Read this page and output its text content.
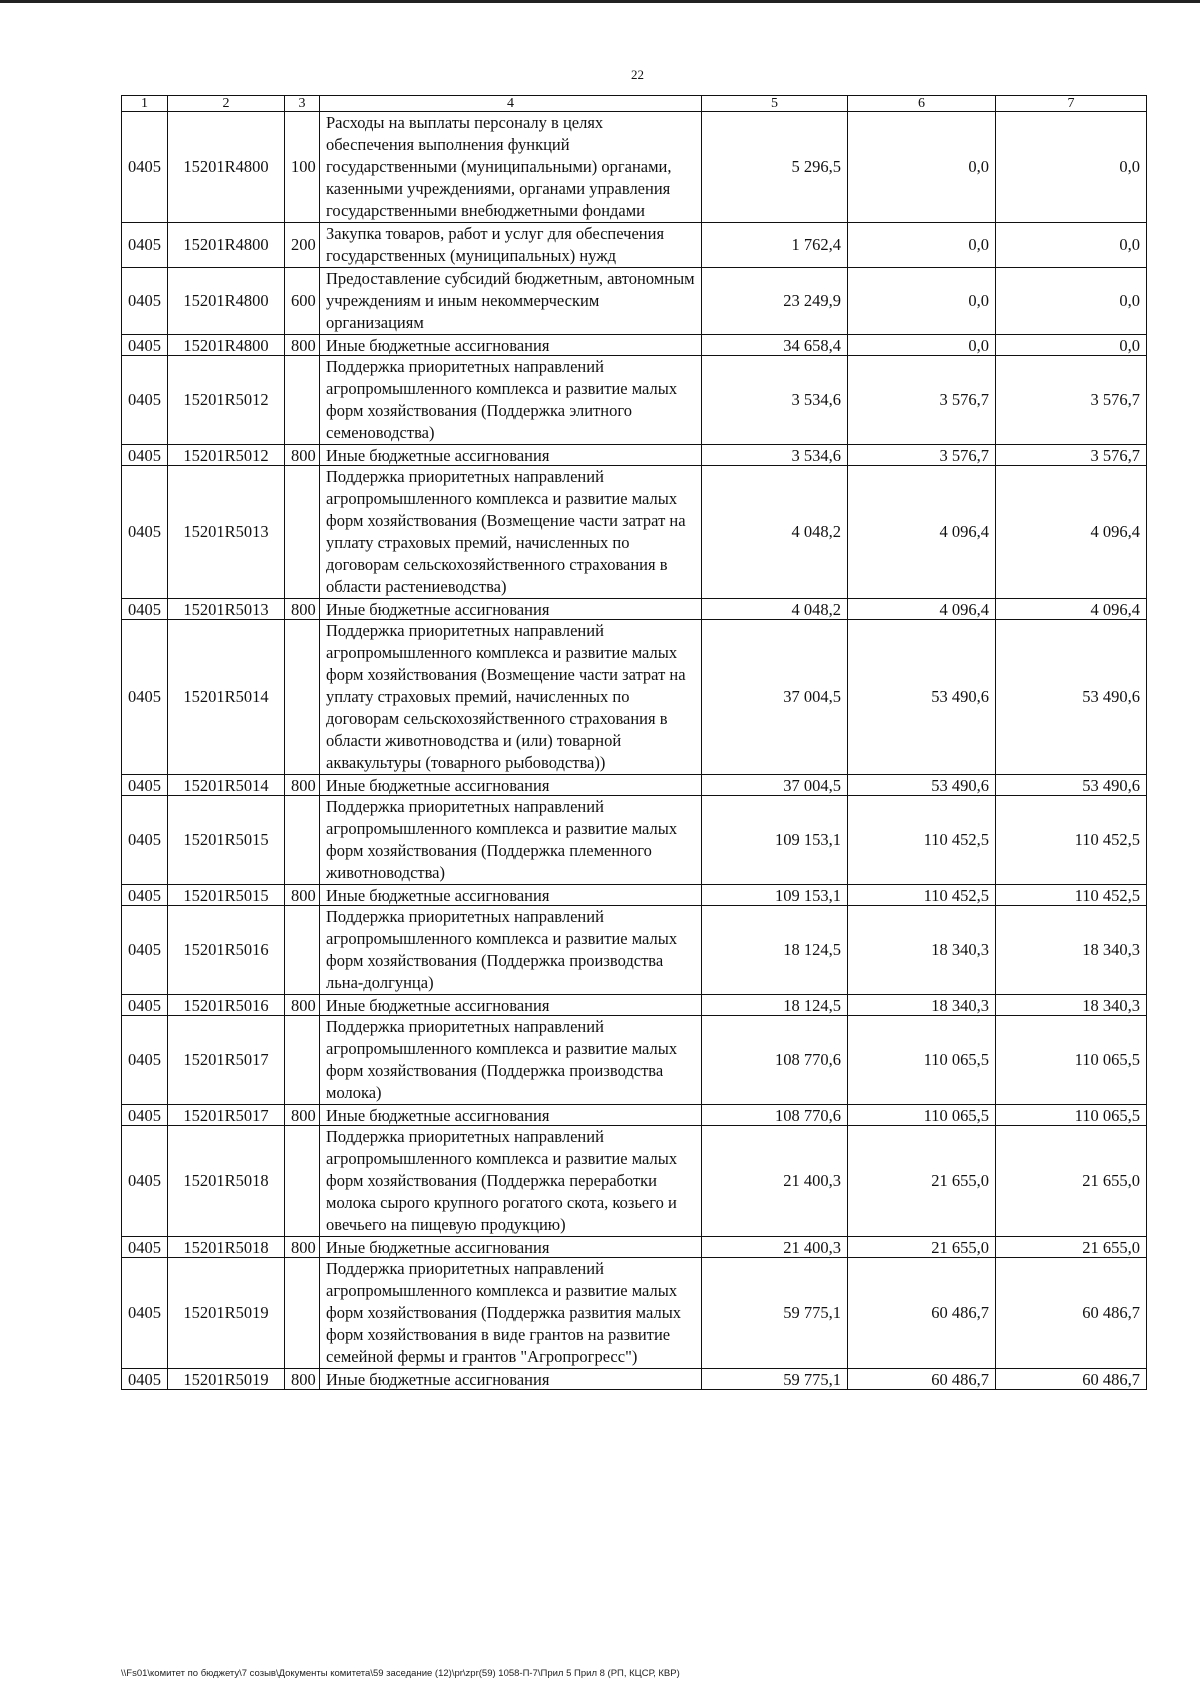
22
1	2	3	4	5	6	7
0405	15201R4800	100	Расходы на выплаты персоналу в целях обеспечения выполнения функций государственными (муниципальными) органами, казенными учреждениями, органами управления государственными внебюджетными фондами	5 296,5	0,0	0,0
0405	15201R4800	200	Закупка товаров, работ и услуг для обеспечения государственных (муниципальных) нужд	1 762,4	0,0	0,0
0405	15201R4800	600	Предоставление субсидий бюджетным, автономным учреждениям и иным некоммерческим организациям	23 249,9	0,0	0,0
0405	15201R4800	800	Иные бюджетные ассигнования	34 658,4	0,0	0,0
0405	15201R5012		Поддержка приоритетных направлений агропромышленного комплекса и развитие малых форм хозяйствования (Поддержка элитного семеноводства)	3 534,6	3 576,7	3 576,7
0405	15201R5012	800	Иные бюджетные ассигнования	3 534,6	3 576,7	3 576,7
0405	15201R5013		Поддержка приоритетных направлений агропромышленного комплекса и развитие малых форм хозяйствования (Возмещение части затрат на уплату страховых премий, начисленных по договорам сельскохозяйственного страхования в области растениеводства)	4 048,2	4 096,4	4 096,4
0405	15201R5013	800	Иные бюджетные ассигнования	4 048,2	4 096,4	4 096,4
0405	15201R5014		Поддержка приоритетных направлений агропромышленного комплекса и развитие малых форм хозяйствования (Возмещение части затрат на уплату страховых премий, начисленных по договорам сельскохозяйственного страхования в области животноводства и (или) товарной аквакультуры (товарного рыбоводства))	37 004,5	53 490,6	53 490,6
0405	15201R5014	800	Иные бюджетные ассигнования	37 004,5	53 490,6	53 490,6
0405	15201R5015		Поддержка приоритетных направлений агропромышленного комплекса и развитие малых форм хозяйствования (Поддержка племенного животноводства)	109 153,1	110 452,5	110 452,5
0405	15201R5015	800	Иные бюджетные ассигнования	109 153,1	110 452,5	110 452,5
0405	15201R5016		Поддержка приоритетных направлений агропромышленного комплекса и развитие малых форм хозяйствования (Поддержка производства льна-долгунца)	18 124,5	18 340,3	18 340,3
0405	15201R5016	800	Иные бюджетные ассигнования	18 124,5	18 340,3	18 340,3
0405	15201R5017		Поддержка приоритетных направлений агропромышленного комплекса и развитие малых форм хозяйствования (Поддержка производства молока)	108 770,6	110 065,5	110 065,5
0405	15201R5017	800	Иные бюджетные ассигнования	108 770,6	110 065,5	110 065,5
0405	15201R5018		Поддержка приоритетных направлений агропромышленного комплекса и развитие малых форм хозяйствования (Поддержка переработки молока сырого крупного рогатого скота, козьего и овечьего на пищевую продукцию)	21 400,3	21 655,0	21 655,0
0405	15201R5018	800	Иные бюджетные ассигнования	21 400,3	21 655,0	21 655,0
0405	15201R5019		Поддержка приоритетных направлений агропромышленного комплекса и развитие малых форм хозяйствования (Поддержка развития малых форм хозяйствования в виде грантов на развитие семейной фермы и грантов "Агропрогресс")	59 775,1	60 486,7	60 486,7
0405	15201R5019	800	Иные бюджетные ассигнования	59 775,1	60 486,7	60 486,7
\\Fs01\комитет по бюджету\7 созыв\Документы комитета\59 заседание (12)\pr\zpr(59) 1058-П-7\Прил 5 Прил 8 (РП, КЦСР, КВР)
